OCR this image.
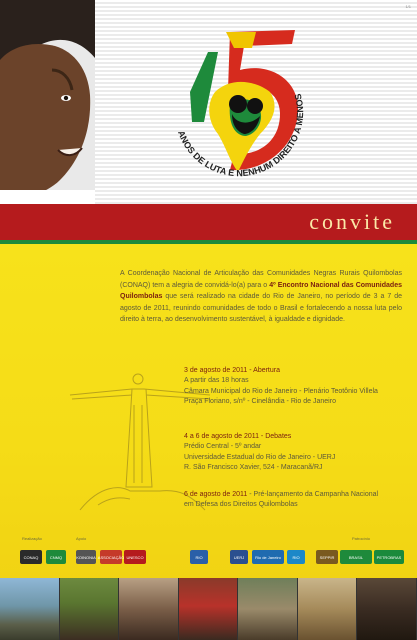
1/1
ANOS DE LUTA E NENHUM DIREITO A MENOS
convite
A Coordenação Nacional de Articulação das Comunidades Negras Rurais Quilombolas (CONAQ) tem a alegria de convidá-lo(a) para o 4º Encontro Nacional das Comunidades Quilombolas que será realizado na cidade do Rio de Janeiro, no período de 3 a 7 de agosto de 2011, reunindo comunidades de todo o Brasil e fortalecendo a nossa luta pelo direito à terra, ao desenvolvimento sustentável, à igualdade e dignidade.
3 de agosto de 2011 - Abertura
A partir das 18 horas
Câmara Municipal do Rio de Janeiro - Plenário Teotônio Villela
Praça Floriano, s/nº - Cinelândia - Rio de Janeiro
4 a 6 de agosto de 2011 - Debates
Prédio Central - 5º andar
Universidade Estadual do Rio de Janeiro - UERJ
R. São Francisco Xavier, 524 - Maracanã/RJ
6 de agosto de 2011 - Pré-lançamento da Campanha Nacional
em Defesa dos Direitos Quilombolas
Realização	Apoio	Patrocínio
CONAQ	CNMQ	KOINONIA ASSOCIAÇÃO UNESCO	RIO	UERJ	Rio de Janeiro	RIO	SEPPIR	BRASIL	PETROBRAS
